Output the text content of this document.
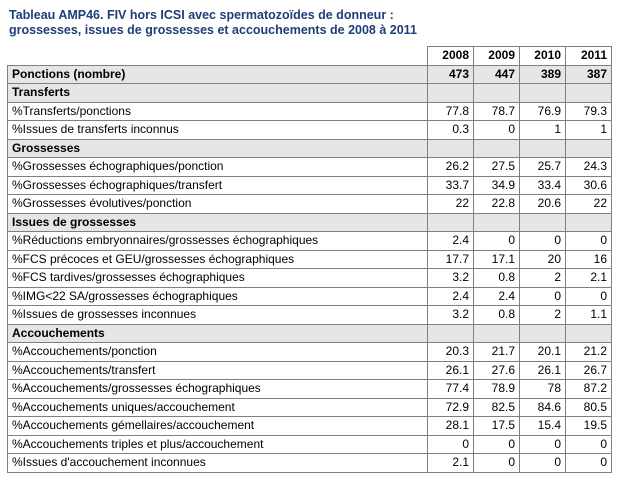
Tableau AMP46. FIV hors ICSI avec spermatozoïdes de donneur :
grossesses, issues de grossesses et accouchements de 2008 à 2011
	2008	2009	2010	2011
Ponctions (nombre)	473	447	389	387
Transferts				
%Transferts/ponctions	77.8	78.7	76.9	79.3
%Issues de transferts inconnus	0.3	0	1	1
Grossesses				
%Grossesses échographiques/ponction	26.2	27.5	25.7	24.3
%Grossesses échographiques/transfert	33.7	34.9	33.4	30.6
%Grossesses évolutives/ponction	22	22.8	20.6	22
Issues de grossesses				
%Réductions embryonnaires/grossesses échographiques	2.4	0	0	0
%FCS précoces et GEU/grossesses échographiques	17.7	17.1	20	16
%FCS tardives/grossesses échographiques	3.2	0.8	2	2.1
%IMG<22 SA/grossesses échographiques	2.4	2.4	0	0
%Issues de grossesses inconnues	3.2	0.8	2	1.1
Accouchements				
%Accouchements/ponction	20.3	21.7	20.1	21.2
%Accouchements/transfert	26.1	27.6	26.1	26.7
%Accouchements/grossesses échographiques	77.4	78.9	78	87.2
%Accouchements uniques/accouchement	72.9	82.5	84.6	80.5
%Accouchements gémellaires/accouchement	28.1	17.5	15.4	19.5
%Accouchements triples et plus/accouchement	0	0	0	0
%Issues d'accouchement inconnues	2.1	0	0	0
